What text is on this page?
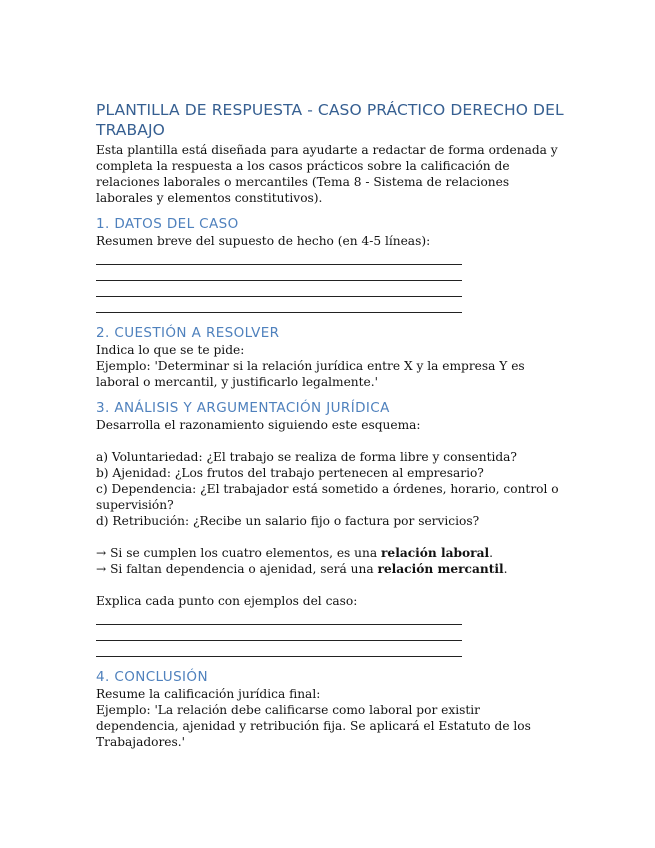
PLANTILLA DE RESPUESTA - CASO PRÁCTICO DERECHO DEL TRABAJO

Esta plantilla está diseñada para ayudarte a redactar de forma ordenada y completa la respuesta a los casos prácticos sobre la calificación de relaciones laborales o mercantiles (Tema 8 - Sistema de relaciones laborales y elementos constitutivos).

1. DATOS DEL CASO

Resumen breve del supuesto de hecho (en 4-5 líneas):

2. CUESTIÓN A RESOLVER

Indica lo que se te pide:

Ejemplo: 'Determinar si la relación jurídica entre X y la empresa Y es laboral o mercantil, y justificarlo legalmente.'

3. ANÁLISIS Y ARGUMENTACIÓN JURÍDICA

Desarrolla el razonamiento siguiendo este esquema:

a) Voluntariedad: ¿El trabajo se realiza de forma libre y consentida?

b) Ajenidad: ¿Los frutos del trabajo pertenecen al empresario?

c) Dependencia: ¿El trabajador está sometido a órdenes, horario, control o supervisión?

d) Retribución: ¿Recibe un salario fijo o factura por servicios?

→ Si se cumplen los cuatro elementos, es una relación laboral.

→ Si faltan dependencia o ajenidad, será una relación mercantil.

Explica cada punto con ejemplos del caso:

4. CONCLUSIÓN

Resume la calificación jurídica final:

Ejemplo: 'La relación debe calificarse como laboral por existir dependencia, ajenidad y retribución fija. Se aplicará el Estatuto de los Trabajadores.'
